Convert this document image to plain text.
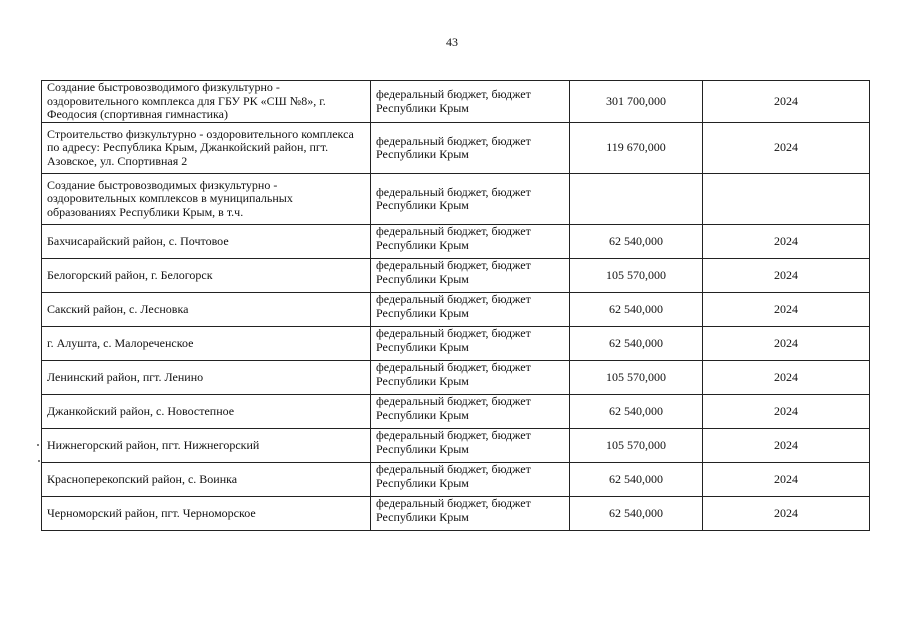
43
Создание быстровозводимого физкультурно - оздоровительного комплекса для ГБУ РК «СШ №8», г. Феодосия (спортивная гимнастика)	федеральный бюджет, бюджет Республики Крым	301 700,000	2024
Строительство физкультурно - оздоровительного комплекса по адресу: Республика Крым, Джанкойский район, пгт. Азовское, ул. Спортивная 2	федеральный бюджет, бюджет Республики Крым	119 670,000	2024
Создание быстровозводимых физкультурно - оздоровительных комплексов в муниципальных образованиях Республики Крым, в т.ч.	федеральный бюджет, бюджет Республики Крым		
Бахчисарайский район, с. Почтовое	федеральный бюджет, бюджет Республики Крым	62 540,000	2024
Белогорский район, г. Белогорск	федеральный бюджет, бюджет Республики Крым	105 570,000	2024
Сакский район, с. Лесновка	федеральный бюджет, бюджет Республики Крым	62 540,000	2024
г. Алушта, с. Малореченское	федеральный бюджет, бюджет Республики Крым	62 540,000	2024
Ленинский район, пгт. Ленино	федеральный бюджет, бюджет Республики Крым	105 570,000	2024
Джанкойский район, с. Новостепное	федеральный бюджет, бюджет Республики Крым	62 540,000	2024
Нижнегорский район, пгт. Нижнегорский	федеральный бюджет, бюджет Республики Крым	105 570,000	2024
Красноперекопский район, с. Воинка	федеральный бюджет, бюджет Республики Крым	62 540,000	2024
Черноморский район, пгт. Черноморское	федеральный бюджет, бюджет Республики Крым	62 540,000	2024
